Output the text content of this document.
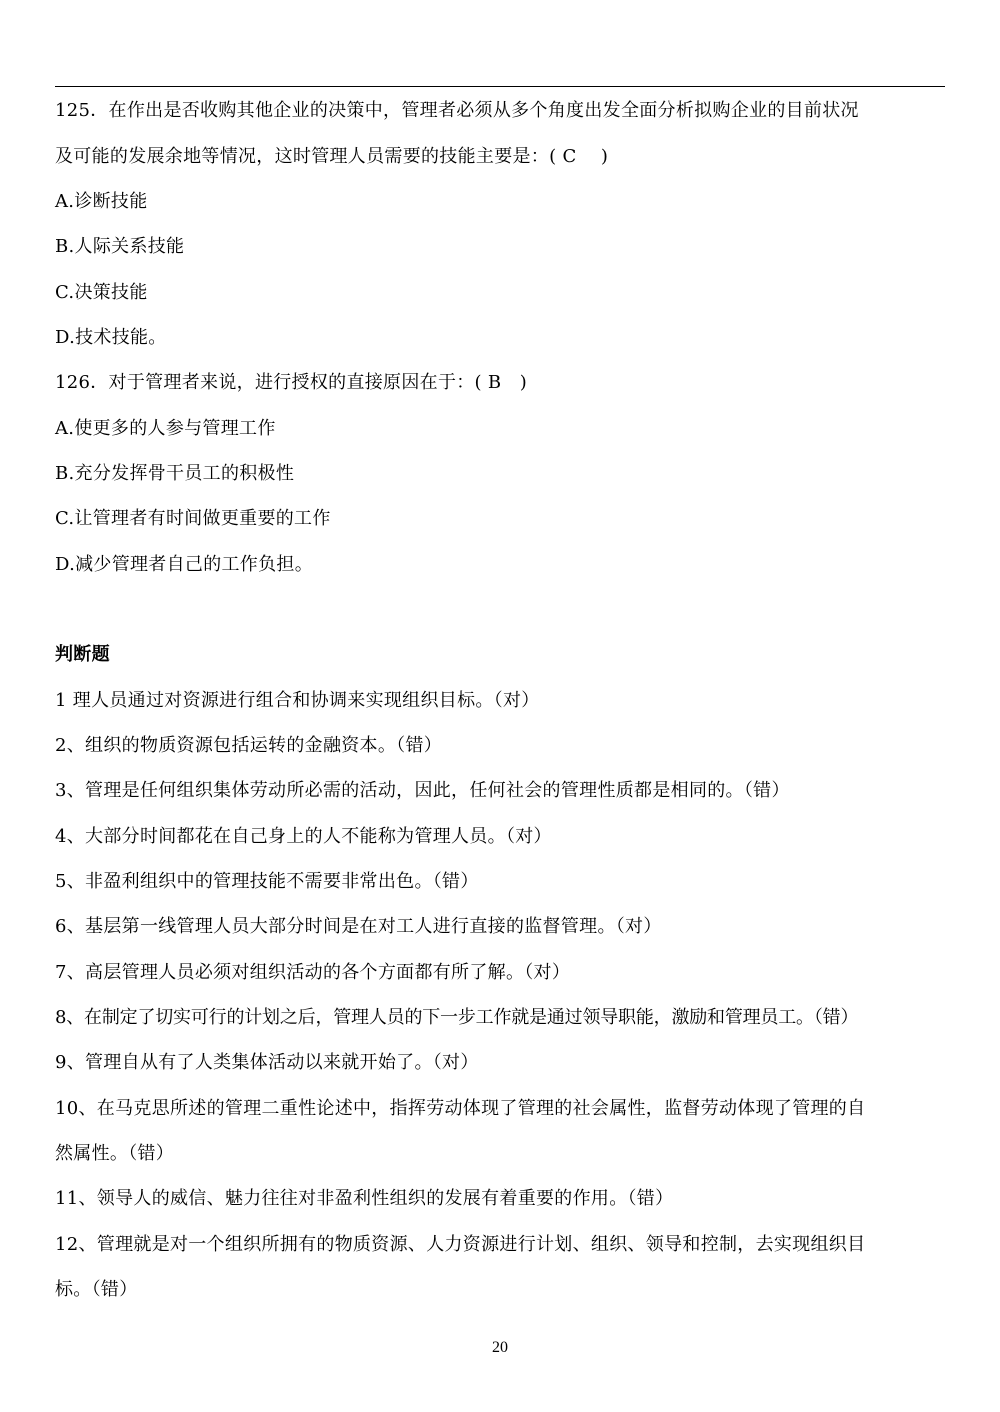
125．在作出是否收购其他企业的决策中，管理者必须从多个角度出发全面分析拟购企业的目前状况
及可能的发展余地等情况，这时管理人员需要的技能主要是：( C　 )
A.诊断技能
B.人际关系技能
C.决策技能
D.技术技能。
126．对于管理者来说，进行授权的直接原因在于：( B　)
A.使更多的人参与管理工作
B.充分发挥骨干员工的积极性
C.让管理者有时间做更重要的工作
D.减少管理者自己的工作负担。
判断题
1 理人员通过对资源进行组合和协调来实现组织目标。（对）
2、组织的物质资源包括运转的金融资本。（错）
3、管理是任何组织集体劳动所必需的活动，因此，任何社会的管理性质都是相同的。（错）
4、大部分时间都花在自己身上的人不能称为管理人员。（对）
5、非盈利组织中的管理技能不需要非常出色。（错）
6、基层第一线管理人员大部分时间是在对工人进行直接的监督管理。（对）
7、高层管理人员必须对组织活动的各个方面都有所了解。（对）
8、在制定了切实可行的计划之后，管理人员的下一步工作就是通过领导职能，激励和管理员工。（错）
9、管理自从有了人类集体活动以来就开始了。（对）
10、在马克思所述的管理二重性论述中，指挥劳动体现了管理的社会属性，监督劳动体现了管理的自
然属性。（错）
11、领导人的威信、魅力往往对非盈利性组织的发展有着重要的作用。（错）
12、管理就是对一个组织所拥有的物质资源、人力资源进行计划、组织、领导和控制，去实现组织目
标。（错）
20
